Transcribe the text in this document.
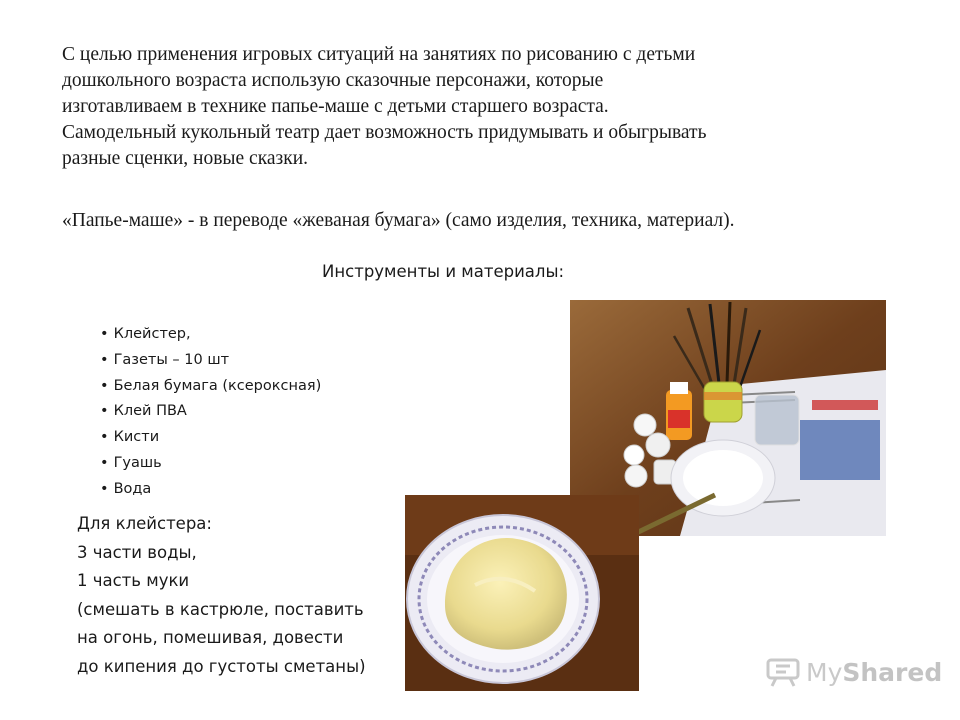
С целью применения игровых ситуаций на занятиях по рисованию с детьми
дошкольного возраста использую сказочные персонажи, которые
изготавливаем в технике папье-маше с детьми старшего возраста.
Самодельный кукольный театр дает возможность придумывать и обыгрывать
разные сценки, новые сказки.

«Папье-маше» - в переводе «жеваная бумага» (само изделия, техника, материал).

Инструменты и материалы:

• Клейстер,
• Газеты – 10 шт
• Белая бумага (ксероксная)
• Клей ПВА
• Кисти
• Гуашь
• Вода
Для клейстера:
3 части воды,
1 часть муки
(смешать в кастрюле, поставить
на огонь, помешивая, довести
до кипения до густоты сметаны)	MyShared
